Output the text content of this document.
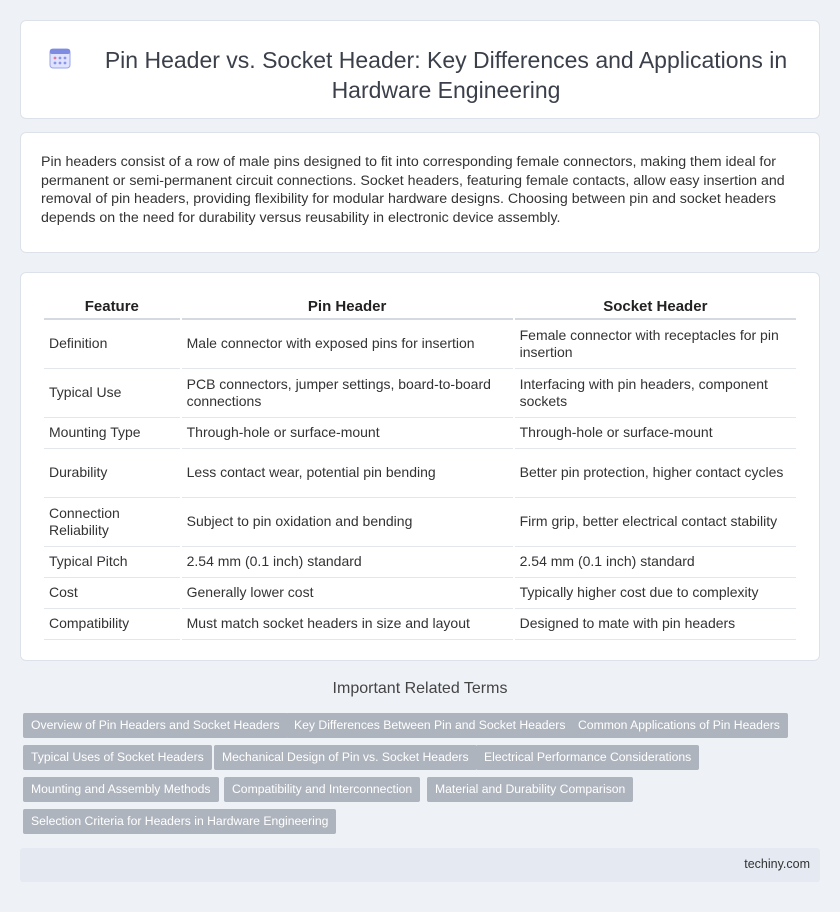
Pin Header vs. Socket Header: Key Differences and Applications in Hardware Engineering

Pin headers consist of a row of male pins designed to fit into corresponding female connectors, making them ideal for permanent or semi-permanent circuit connections. Socket headers, featuring female contacts, allow easy insertion and removal of pin headers, providing flexibility for modular hardware designs. Choosing between pin and socket headers depends on the need for durability versus reusability in electronic device assembly.

Feature	Pin Header	Socket Header
Definition	Male connector with exposed pins for insertion	Female connector with receptacles for pin insertion
Typical Use	PCB connectors, jumper settings, board-to-board connections	Interfacing with pin headers, component sockets
Mounting Type	Through-hole or surface-mount	Through-hole or surface-mount
Durability	Less contact wear, potential pin bending	Better pin protection, higher contact cycles
Connection Reliability	Subject to pin oxidation and bending	Firm grip, better electrical contact stability
Typical Pitch	2.54 mm (0.1 inch) standard	2.54 mm (0.1 inch) standard
Cost	Generally lower cost	Typically higher cost due to complexity
Compatibility	Must match socket headers in size and layout	Designed to mate with pin headers
Important Related Terms
Overview of Pin Headers and Socket Headers	Key Differences Between Pin and Socket Headers	Common Applications of Pin Headers
Typical Uses of Socket Headers	Mechanical Design of Pin vs. Socket Headers	Electrical Performance Considerations
Mounting and Assembly Methods	Compatibility and Interconnection	Material and Durability Comparison
Selection Criteria for Headers in Hardware Engineering
techiny.com
